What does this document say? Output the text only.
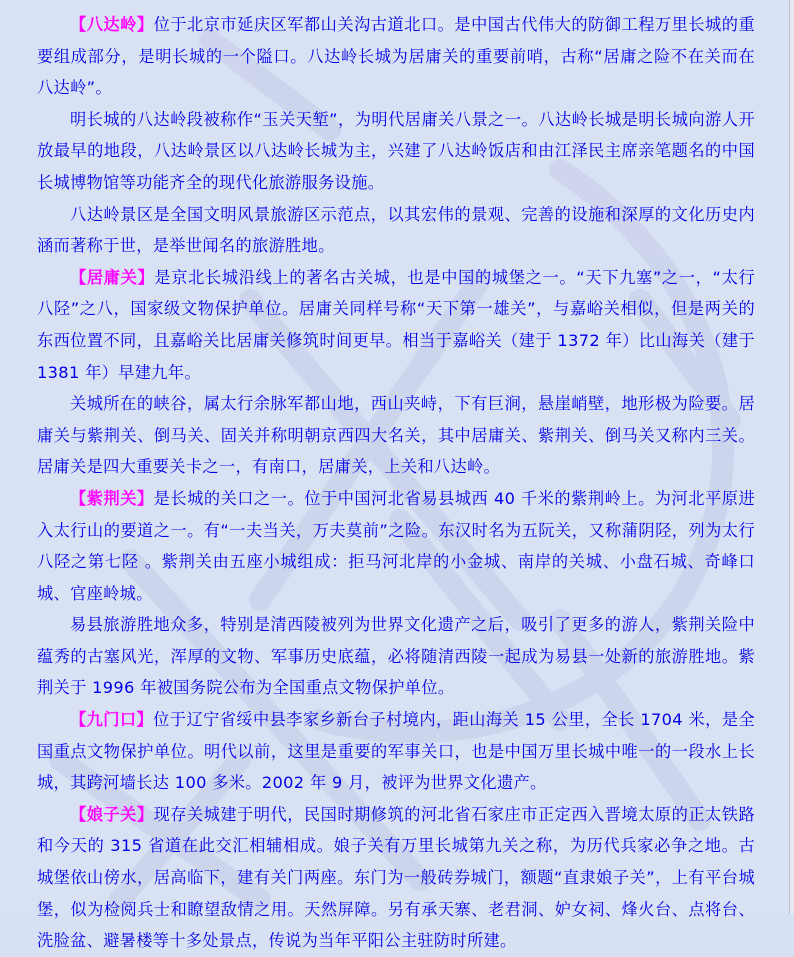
【八达岭】位于北京市延庆区军都山关沟古道北口。是中国古代伟大的防御工程万里长城的重要组成部分，是明长城的一个隘口。八达岭长城为居庸关的重要前哨，古称“居庸之险不在关而在八达岭”。

明长城的八达岭段被称作“玉关天堑”，为明代居庸关八景之一。八达岭长城是明长城向游人开放最早的地段，八达岭景区以八达岭长城为主，兴建了八达岭饭店和由江泽民主席亲笔题名的中国长城博物馆等功能齐全的现代化旅游服务设施。

八达岭景区是全国文明风景旅游区示范点，以其宏伟的景观、完善的设施和深厚的文化历史内涵而著称于世，是举世闻名的旅游胜地。

【居庸关】是京北长城沿线上的著名古关城，也是中国的城堡之一。“天下九塞”之一，“太行八陉”之八，国家级文物保护单位。居庸关同样号称“天下第一雄关”，与嘉峪关相似，但是两关的东西位置不同，且嘉峪关比居庸关修筑时间更早。相当于嘉峪关（建于 1372 年）比山海关（建于 1381 年）早建九年。

关城所在的峡谷，属太行余脉军都山地，西山夹峙，下有巨涧，悬崖峭壁，地形极为险要。居庸关与紫荆关、倒马关、固关并称明朝京西四大名关，其中居庸关、紫荆关、倒马关又称内三关。居庸关是四大重要关卡之一，有南口，居庸关，上关和八达岭。

【紫荆关】是长城的关口之一。位于中国河北省易县城西 40 千米的紫荆岭上。为河北平原进入太行山的要道之一。有“一夫当关，万夫莫前”之险。东汉时名为五阮关，又称蒲阴陉，列为太行八陉之第七陉 。紫荆关由五座小城组成：拒马河北岸的小金城、南岸的关城、小盘石城、奇峰口城、官座岭城。

易县旅游胜地众多，特别是清西陵被列为世界文化遗产之后，吸引了更多的游人，紫荆关险中蕴秀的古塞风光，浑厚的文物、军事历史底蕴，必将随清西陵一起成为易县一处新的旅游胜地。紫荆关于 1996 年被国务院公布为全国重点文物保护单位。

【九门口】位于辽宁省绥中县李家乡新台子村境内，距山海关 15 公里，全长 1704 米，是全国重点文物保护单位。明代以前，这里是重要的军事关口，也是中国万里长城中唯一的一段水上长城，其跨河墙长达 100 多米。2002 年 9 月，被评为世界文化遗产。

【娘子关】现存关城建于明代，民国时期修筑的河北省石家庄市正定西入晋境太原的正太铁路和今天的 315 省道在此交汇相辅相成。娘子关有万里长城第九关之称，为历代兵家必争之地。古城堡依山傍水，居高临下，建有关门两座。东门为一般砖券城门，额题“直隶娘子关”，上有平台城堡，似为检阅兵士和瞭望敌情之用。天然屏障。另有承天寨、老君洞、妒女祠、烽火台、点将台、洗脸盆、避暑楼等十多处景点，传说为当年平阳公主驻防时所建。
